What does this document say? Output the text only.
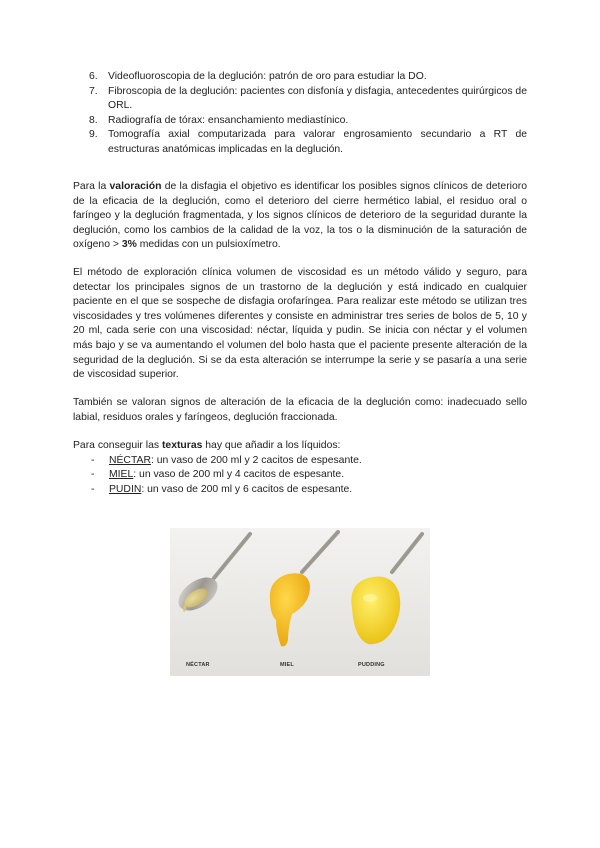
6. Videofluoroscopia de la deglución: patrón de oro para estudiar la DO.
7. Fibroscopia de la deglución: pacientes con disfonía y disfagia, antecedentes quirúrgicos de ORL.
8. Radiografía de tórax: ensanchamiento mediastínico.
9. Tomografía axial computarizada para valorar engrosamiento secundario a RT de estructuras anatómicas implicadas en la deglución.

Para la valoración de la disfagia el objetivo es identificar los posibles signos clínicos de deterioro de la eficacia de la deglución, como el deterioro del cierre hermético labial, el residuo oral o faríngeo y la deglución fragmentada, y los signos clínicos de deterioro de la seguridad durante la deglución, como los cambios de la calidad de la voz, la tos o la disminución de la saturación de oxígeno > 3% medidas con un pulsioxímetro.

El método de exploración clínica volumen de viscosidad es un método válido y seguro, para detectar los principales signos de un trastorno de la deglución y está indicado en cualquier paciente en el que se sospeche de disfagia orofaríngea. Para realizar este método se utilizan tres viscosidades y tres volúmenes diferentes y consiste en administrar tres series de bolos de 5, 10 y 20 ml, cada serie con una viscosidad: néctar, líquida y pudin. Se inicia con néctar y el volumen más bajo y se va aumentando el volumen del bolo hasta que el paciente presente alteración de la seguridad de la deglución. Si se da esta alteración se interrumpe la serie y se pasaría a una serie de viscosidad superior.

También se valoran signos de alteración de la eficacia de la deglución como: inadecuado sello labial, residuos orales y faríngeos, deglución fraccionada.

Para conseguir las texturas hay que añadir a los líquidos:

- NÉCTAR: un vaso de 200 ml y 2 cacitos de espesante.
- MIEL: un vaso de 200 ml y 4 cacitos de espesante.
- PUDIN: un vaso de 200 ml y 6 cacitos de espesante.
NÉCTAR	MIEL	PUDDING
